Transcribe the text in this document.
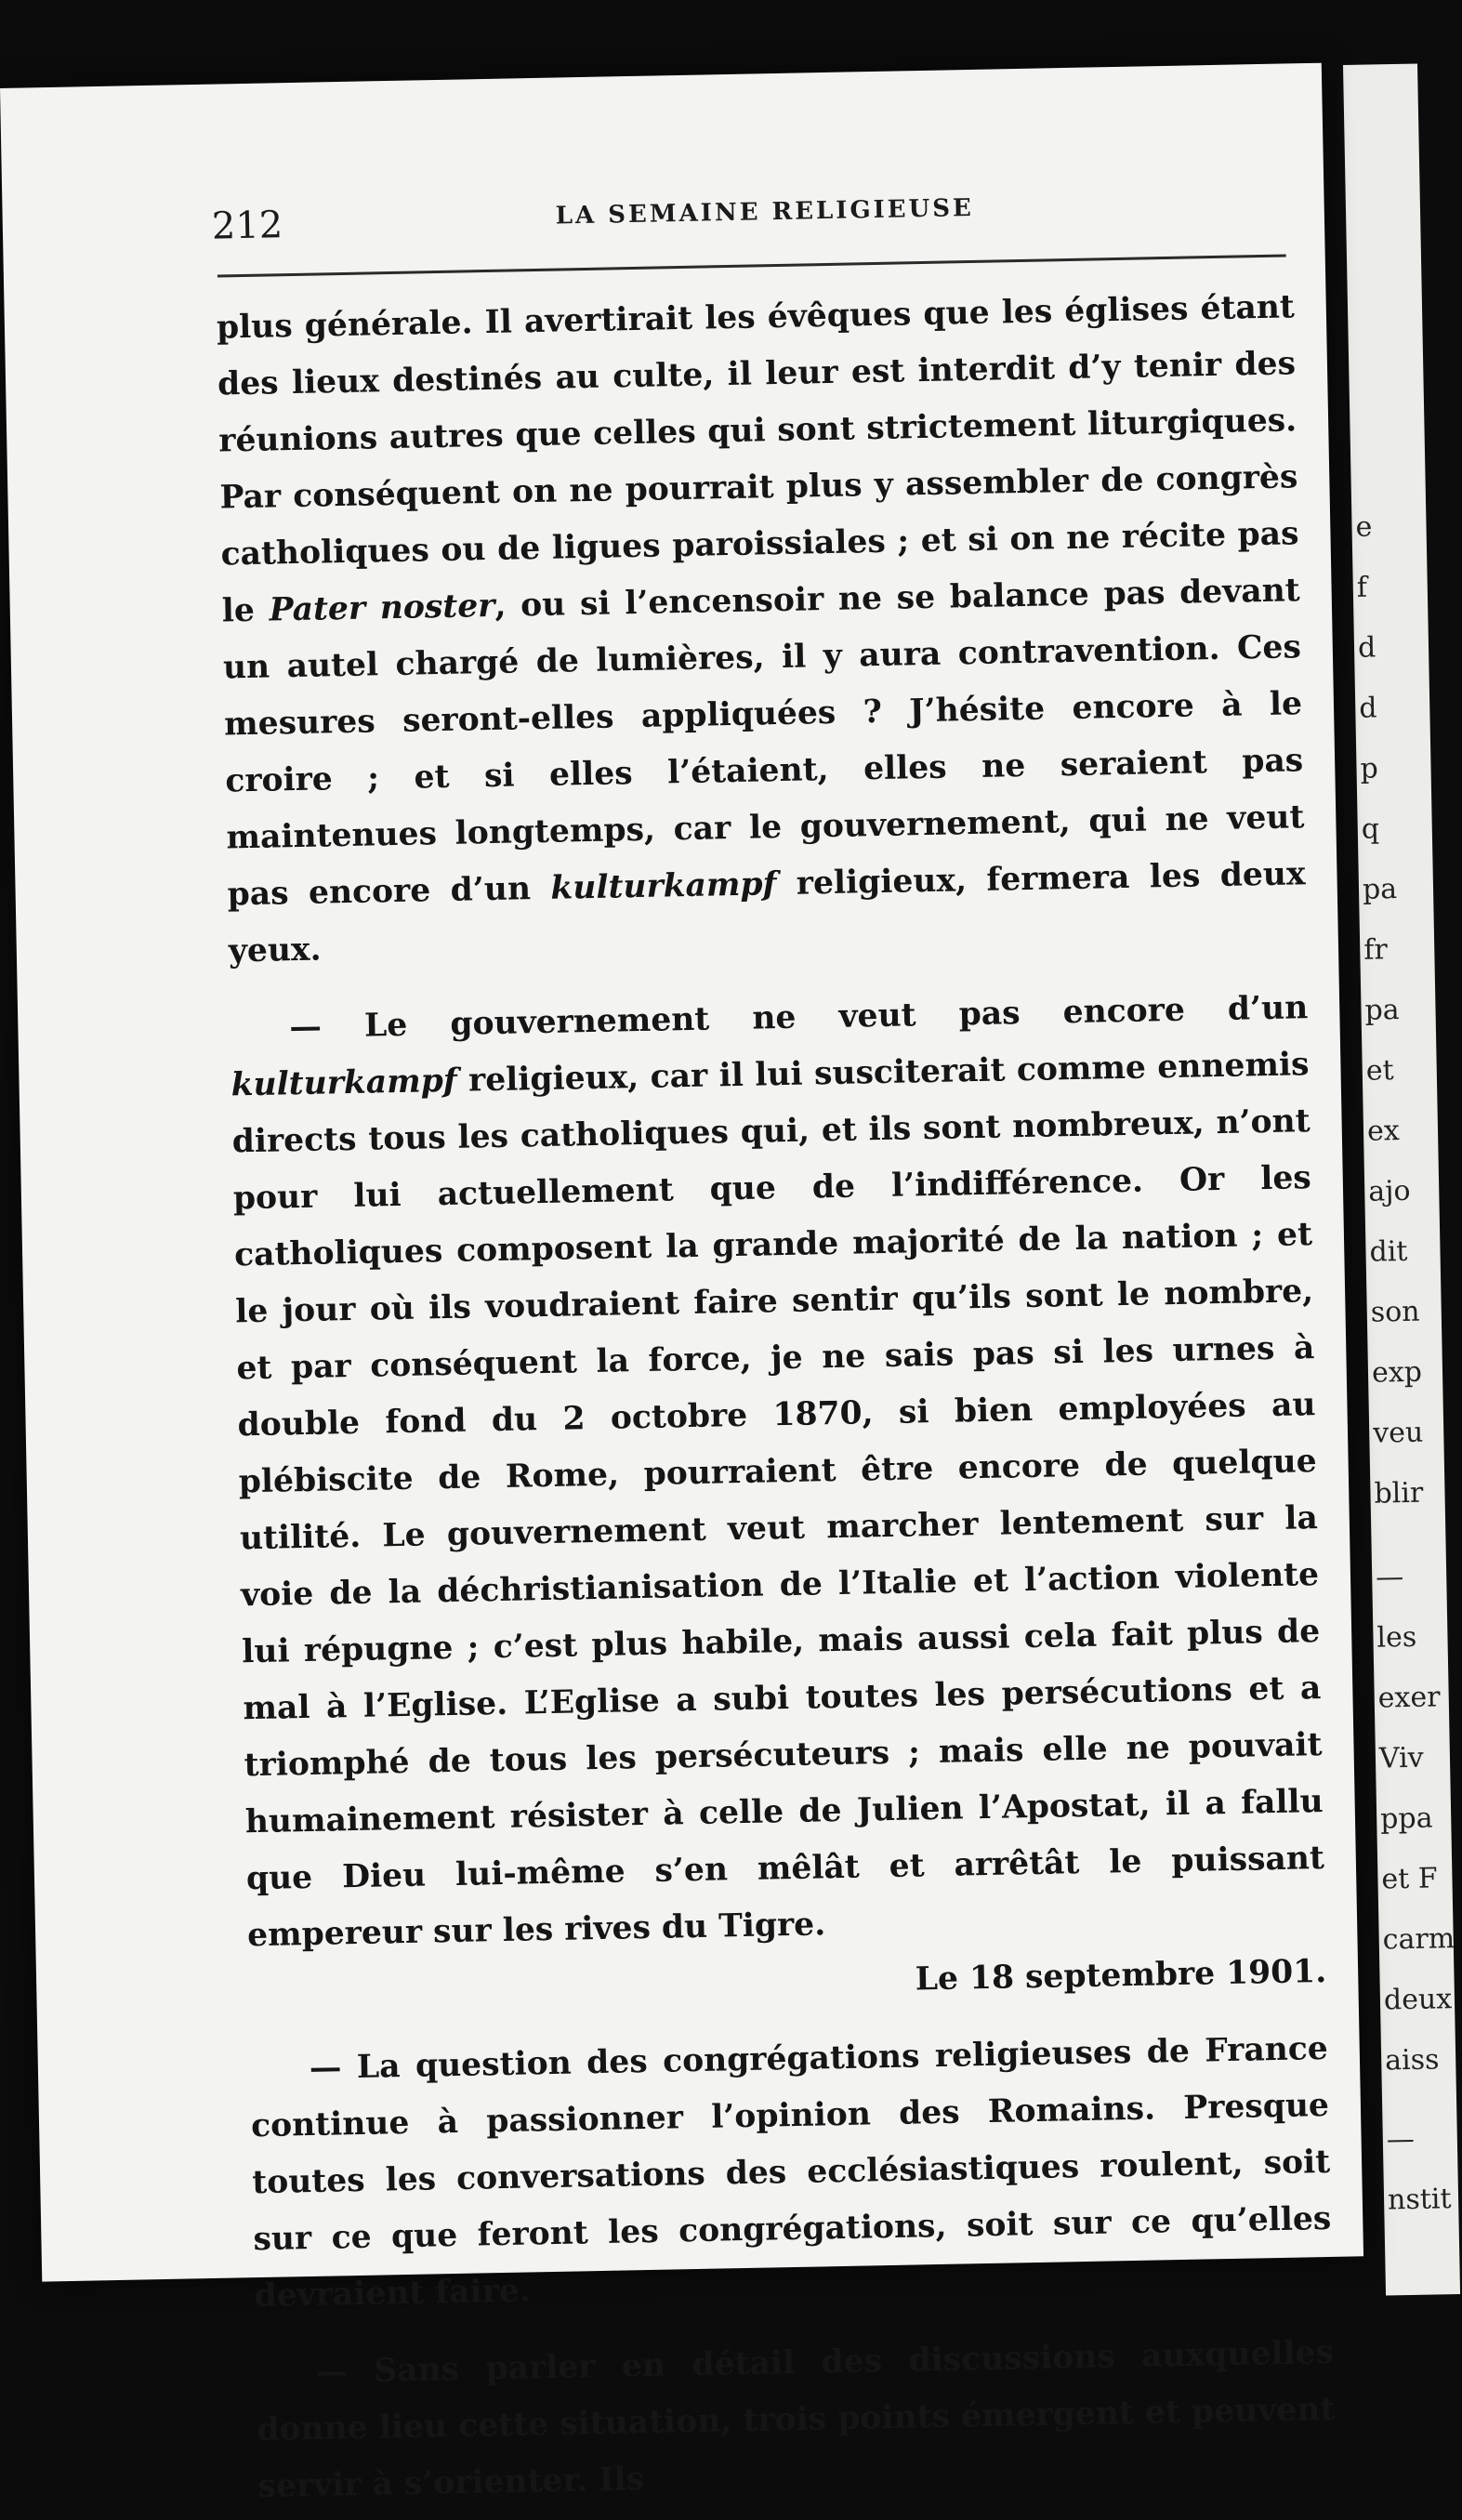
e
f
d
d
p
q
pa
fr
pa
et
ex
ajo
dit
son
exp
veu
blir
—
les
exer
Viv
ppa
et F
carm
deux
aiss
—
nstit
212	LA SEMAINE RELIGIEUSE

plus générale. Il avertirait les évêques que les églises étant des lieux destinés au culte, il leur est interdit d’y tenir des réunions autres que celles qui sont strictement liturgiques. Par conséquent on ne pourrait plus y assembler de congrès catholiques ou de ligues paroissiales ; et si on ne récite pas le Pater noster, ou si l’encensoir ne se balance pas devant un autel chargé de lumières, il y aura contravention. Ces mesures seront-elles appliquées ? J’hésite encore à le croire ; et si elles l’étaient, elles ne seraient pas maintenues longtemps, car le gouvernement, qui ne veut pas encore d’un kulturkampf religieux, fermera les deux yeux.

— Le gouvernement ne veut pas encore d’un kulturkampf religieux, car il lui susciterait comme ennemis directs tous les catholiques qui, et ils sont nombreux, n’ont pour lui actuellement que de l’indifférence. Or les catholiques composent la grande majorité de la nation ; et le jour où ils voudraient faire sentir qu’ils sont le nombre, et par conséquent la force, je ne sais pas si les urnes à double fond du 2 octobre 1870, si bien employées au plébiscite de Rome, pourraient être encore de quelque utilité. Le gouvernement veut marcher lentement sur la voie de la déchristianisation de l’Italie et l’action violente lui répugne ; c’est plus habile, mais aussi cela fait plus de mal à l’Eglise. L’Eglise a subi toutes les persécutions et a triomphé de tous les persécuteurs ; mais elle ne pouvait humainement résister à celle de Julien l’Apostat, il a fallu que Dieu lui-même s’en mêlât et arrêtât le puissant empereur sur les rives du Tigre.

Le 18 septembre 1901.

— La question des congrégations religieuses de France continue à passionner l’opinion des Romains. Presque toutes les conversations des ecclésiastiques roulent, soit sur ce que feront les congrégations, soit sur ce qu’elles devraient faire.

— Sans parler en détail des discussions auxquelles donne lieu cette situation, trois points émergent et peuvent servir à s’orienter. Ils
